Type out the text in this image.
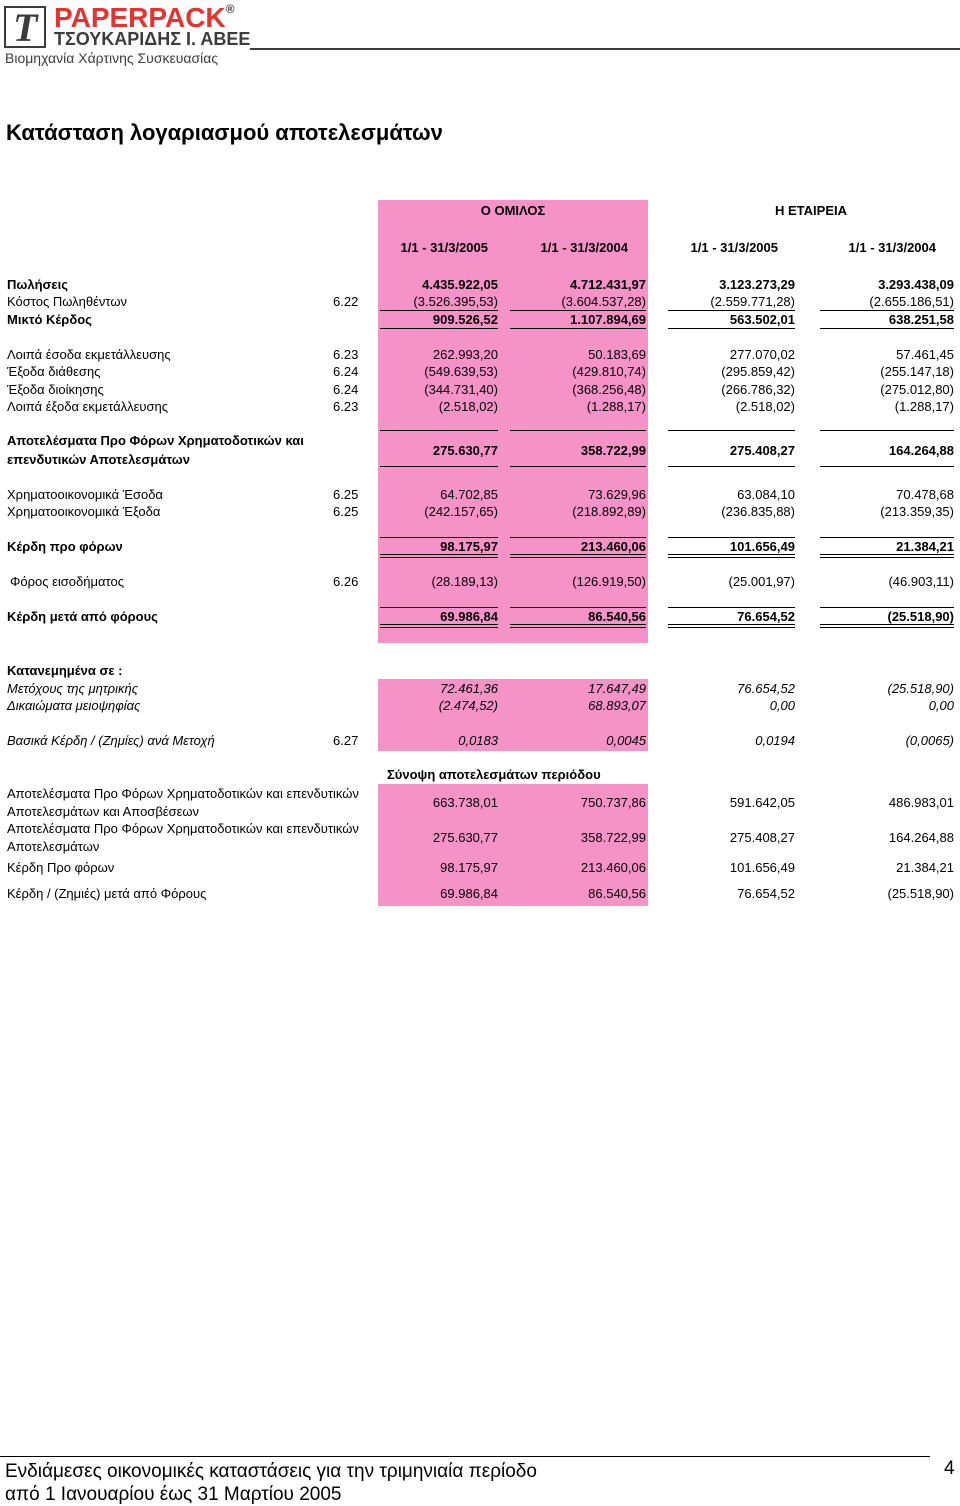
T PAPERPACK®
ΤΣΟΥΚΑΡΙΔΗΣ Ι. ΑΒΕΕ
Βιομηχανία Χάρτινης Συσκευασίας
Κατάσταση λογαριασμού αποτελεσμάτων
Ο ΟΜΙΛΟΣ	Η ΕΤΑΙΡΕΙΑ
1/1 - 31/3/2005	1/1 - 31/3/2004	1/1 - 31/3/2005	1/1 - 31/3/2004
Πωλήσεις	4.435.922,05	4.712.431,97	3.123.273,29	3.293.438,09
Κόστος Πωληθέντων	6.22	(3.526.395,53)	(3.604.537,28)	(2.559.771,28)	(2.655.186,51)
Μικτό Κέρδος	909.526,52	1.107.894,69	563.502,01	638.251,58
Λοιπά έσοδα εκμετάλλευσης	6.23	262.993,20	50.183,69	277.070,02	57.461,45
Έξοδα διάθεσης	6.24	(549.639,53)	(429.810,74)	(295.859,42)	(255.147,18)
Έξοδα διοίκησης	6.24	(344.731,40)	(368.256,48)	(266.786,32)	(275.012,80)
Λοιπά έξοδα εκμετάλλευσης	6.23	(2.518,02)	(1.288,17)	(2.518,02)	(1.288,17)
Αποτελέσματα Προ Φόρων Χρηματοδοτικών και
επενδυτικών Αποτελεσμάτων
275.630,77	358.722,99	275.408,27	164.264,88
Χρηματοοικονομικά Έσοδα	6.25	64.702,85	73.629,96	63.084,10	70.478,68
Χρηματοοικονομικά Έξοδα	6.25	(242.157,65)	(218.892,89)	(236.835,88)	(213.359,35)
Κέρδη προ φόρων	98.175,97	213.460,06	101.656,49	21.384,21
Φόρος εισοδήματος	6.26	(28.189,13)	(126.919,50)	(25.001,97)	(46.903,11)
Κέρδη μετά από φόρους	69.986,84	86.540,56	76.654,52	(25.518,90)
Κατανεμημένα σε :
Μετόχους της μητρικής	72.461,36	17.647,49	76.654,52	(25.518,90)
Δικαιώματα μειοψηφίας	(2.474,52)	68.893,07	0,00	0,00
Βασικά Κέρδη / (Ζημίες) ανά Μετοχή	6.27	0,0183	0,0045	0,0194	(0,0065)
Σύνοψη αποτελεσμάτων περιόδου
Αποτελέσματα Προ Φόρων Χρηματοδοτικών και επενδυτικών
Αποτελεσμάτων και Αποσβέσεων
663.738,01	750.737,86	591.642,05	486.983,01
Αποτελέσματα Προ Φόρων Χρηματοδοτικών και επενδυτικών
Αποτελεσμάτων
275.630,77	358.722,99	275.408,27	164.264,88
Κέρδη Προ φόρων	98.175,97	213.460,06	101.656,49	21.384,21
Κέρδη / (Ζημιές) μετά από Φόρους	69.986,84	86.540,56	76.654,52	(25.518,90)
Ενδιάμεσες οικονομικές καταστάσεις για την τριμηνιαία περίοδο
από 1 Ιανουαρίου έως 31 Μαρτίου 2005
4
